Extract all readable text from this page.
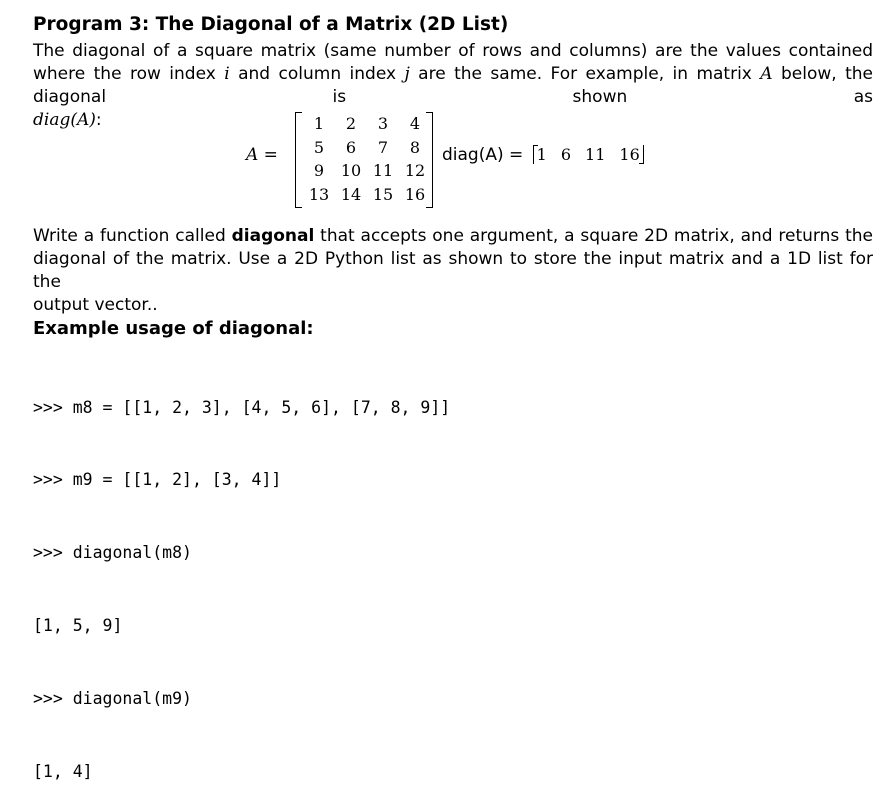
Program 3: The Diagonal of a Matrix (2D List)
The diagonal of a square matrix (same number of rows and columns) are the values contained where the row index i and column index j are the same. For example, in matrix A below, the diagonal is shown as
diag(A):
A =
1	2	3	4
5	6	7	8
9	10	11	12
13	14	15	16
diag(A) = 1 6 11 16
Write a function called diagonal that accepts one argument, a square 2D matrix, and returns the diagonal of the matrix. Use a 2D Python list as shown to store the input matrix and a 1D list for the
output vector..
Example usage of diagonal:

>>> m8 = [[1, 2, 3], [4, 5, 6], [7, 8, 9]]

>>> m9 = [[1, 2], [3, 4]]

>>> diagonal(m8)

[1, 5, 9]

>>> diagonal(m9)

[1, 4]
